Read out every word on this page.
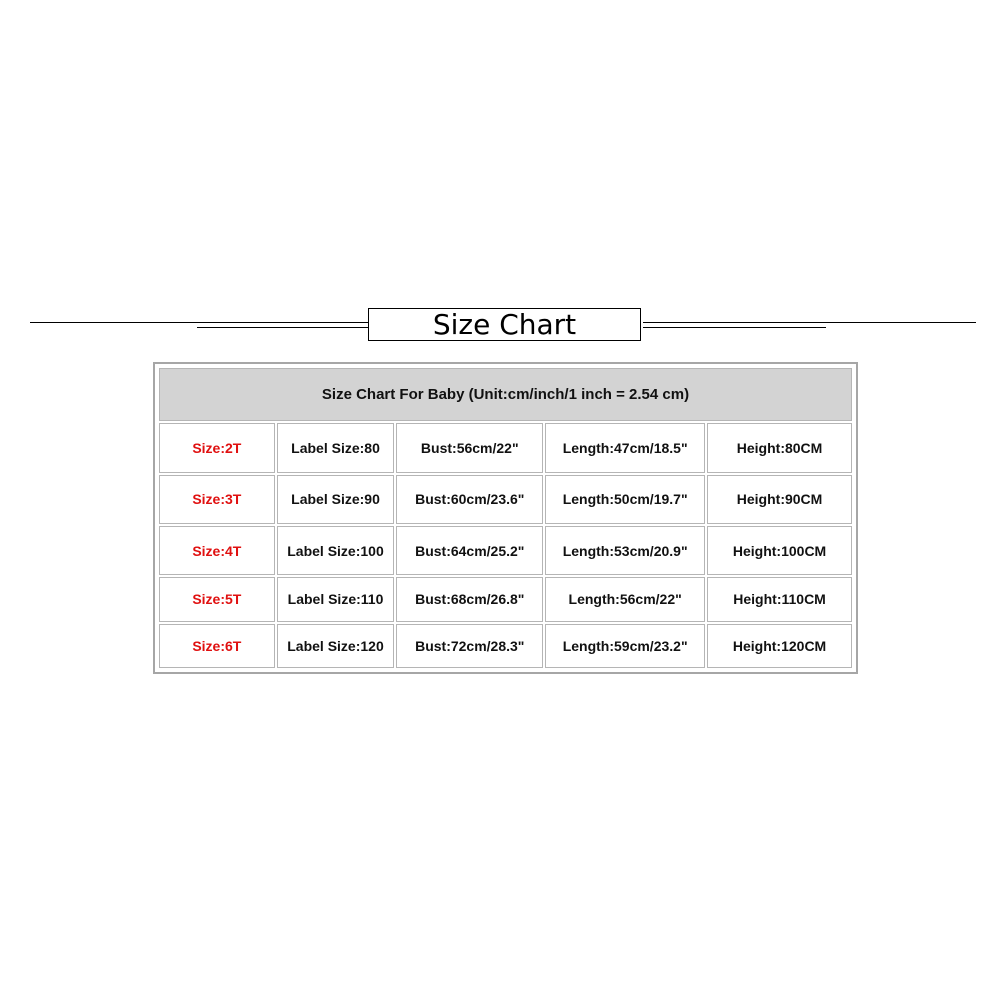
Size Chart
Size Chart For Baby (Unit:cm/inch/1 inch = 2.54 cm)				
Size:2T	Label Size:80	Bust:56cm/22"	Length:47cm/18.5"	Height:80CM
Size:3T	Label Size:90	Bust:60cm/23.6"	Length:50cm/19.7"	Height:90CM
Size:4T	Label Size:100	Bust:64cm/25.2"	Length:53cm/20.9"	Height:100CM
Size:5T	Label Size:110	Bust:68cm/26.8"	Length:56cm/22"	Height:110CM
Size:6T	Label Size:120	Bust:72cm/28.3"	Length:59cm/23.2"	Height:120CM
